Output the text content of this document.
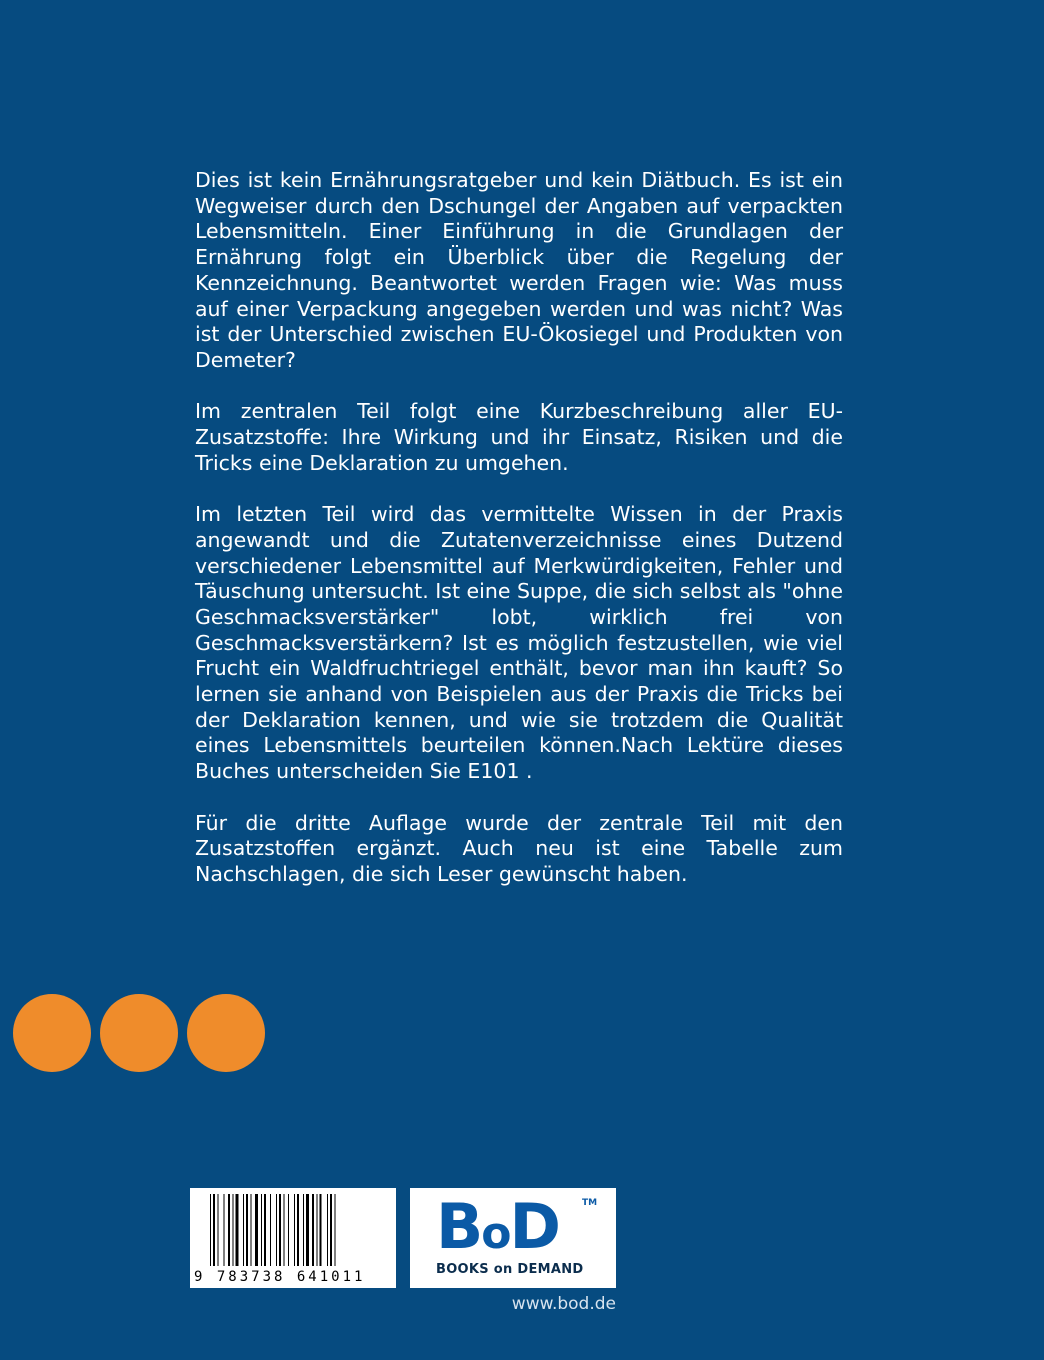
Dies ist kein Ernährungsratgeber und kein Diätbuch. Es ist ein Wegweiser durch den Dschungel der Angaben auf verpackten Lebensmitteln. Einer Einführung in die Grundlagen der Ernährung folgt ein Überblick über die Regelung der Kennzeichnung. Beantwortet werden Fragen wie: Was muss auf einer Verpackung angegeben werden und was nicht? Was ist der Unterschied zwischen EU-Ökosiegel und Produkten von Demeter?

Im zentralen Teil folgt eine Kurzbeschreibung aller EU-Zusatzstoffe: Ihre Wirkung und ihr Einsatz, Risiken und die Tricks eine Deklaration zu umgehen.

Im letzten Teil wird das vermittelte Wissen in der Praxis angewandt und die Zutatenverzeichnisse eines Dutzend verschiedener Lebensmittel auf Merkwürdigkeiten, Fehler und Täuschung untersucht. Ist eine Suppe, die sich selbst als "ohne Geschmacksverstärker" lobt, wirklich frei von Geschmacksverstärkern? Ist es möglich festzustellen, wie viel Frucht ein Waldfruchtriegel enthält, bevor man ihn kauft? So lernen sie anhand von Beispielen aus der Praxis die Tricks bei der Deklaration kennen, und wie sie trotzdem die Qualität eines Lebensmittels beurteilen können.Nach Lektüre dieses Buches unterscheiden Sie E101 .

Für die dritte Auflage wurde der zentrale Teil mit den Zusatzstoffen ergänzt. Auch neu ist eine Tabelle zum Nachschlagen, die sich Leser gewünscht haben.

9 783738 641011
BoD	TM
BOOKS on DEMAND
www.bod.de
